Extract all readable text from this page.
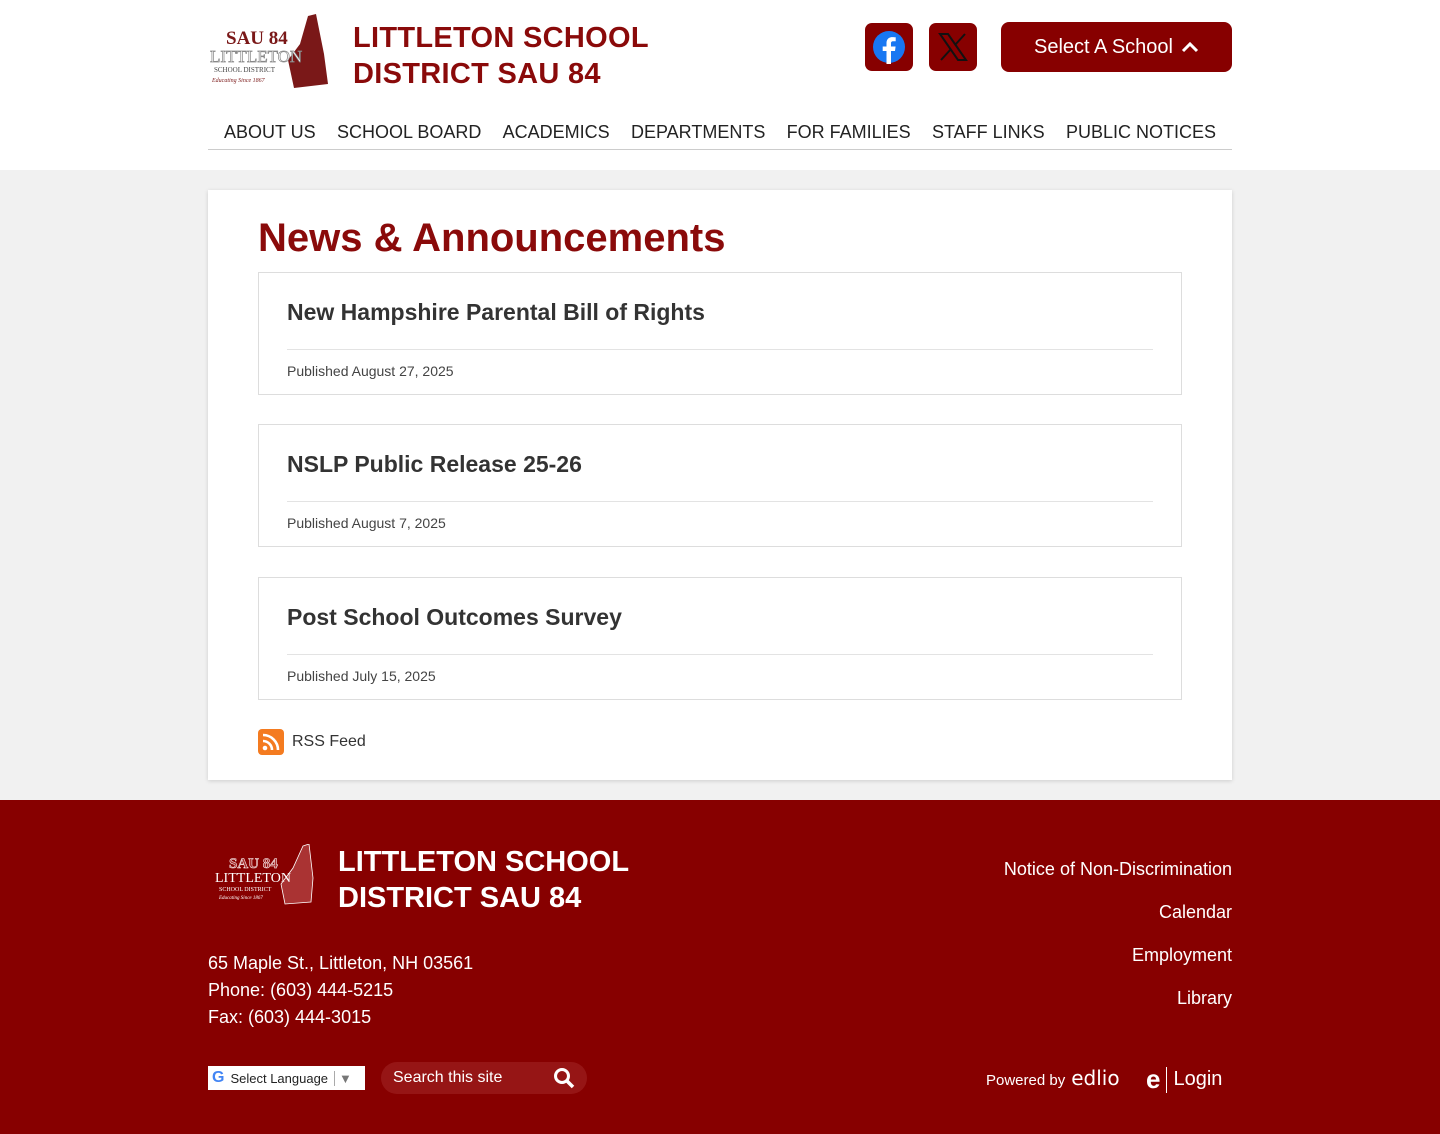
SAU 84
LITTLETON
SCHOOL DISTRICT
Educating Since 1867
LITTLETON SCHOOL
DISTRICT SAU 84
Select A School
ABOUT US SCHOOL BOARD ACADEMICS DEPARTMENTS FOR FAMILIES STAFF LINKS PUBLIC NOTICES
News & Announcements
New Hampshire Parental Bill of Rights
Published August 27, 2025
NSLP Public Release 25-26
Published August 7, 2025
Post School Outcomes Survey
Published July 15, 2025
RSS Feed
SAU 84
LITTLETON
SCHOOL DISTRICT
Educating Since 1867
LITTLETON SCHOOL
DISTRICT SAU 84
65 Maple St., Littleton, NH 03561
Phone: (603) 444-5215
Fax: (603) 444-3015
Notice of Non-Discrimination
Calendar
Employment
Library
G Select Language ▼	Search this site	Powered by edlio e Login
